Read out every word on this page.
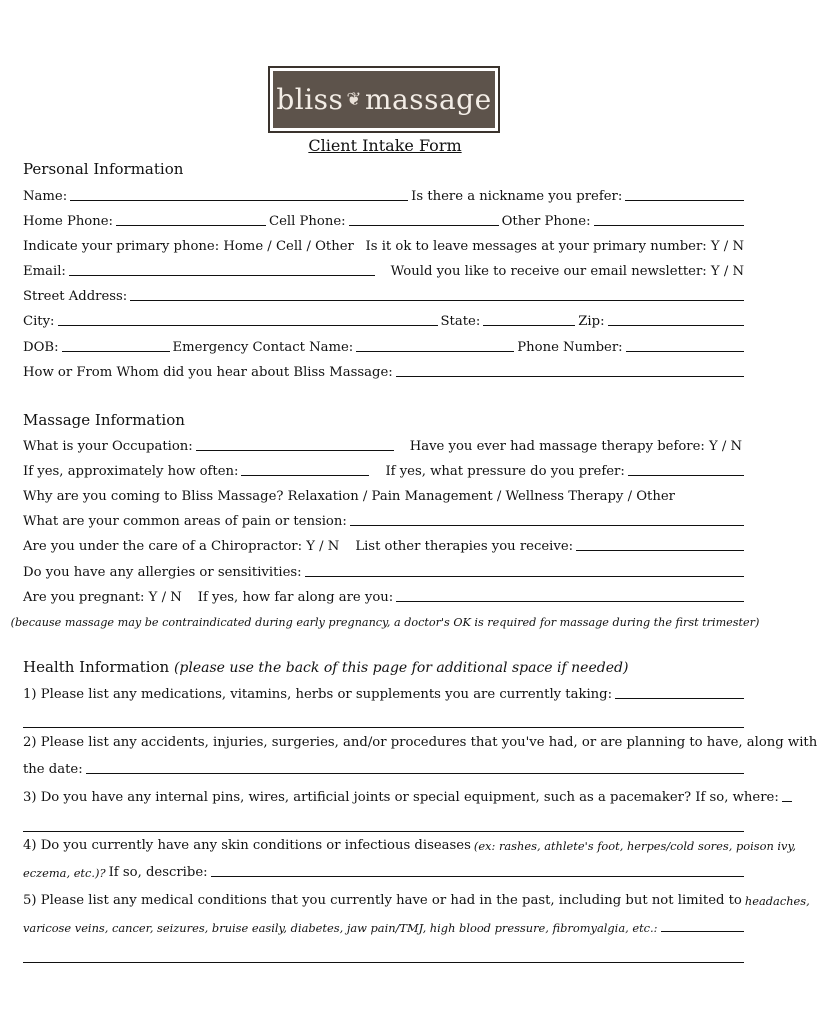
bliss ❦ massage
Client Intake Form
Personal Information
Name:	Is there a nickname you prefer:
Home Phone:	Cell Phone:	Other Phone:
Indicate your primary phone: Home / Cell / Other Is it ok to leave messages at your primary number: Y / N
Email:	Would you like to receive our email newsletter: Y / N
Street Address:
City:	State:	Zip:
DOB:	Emergency Contact Name:	Phone Number:
How or From Whom did you hear about Bliss Massage:
Massage Information
What is your Occupation:	Have you ever had massage therapy before: Y / N
If yes, approximately how often:	If yes, what pressure do you prefer:
Why are you coming to Bliss Massage? Relaxation / Pain Management / Wellness Therapy / Other
What are your common areas of pain or tension:
Are you under the care of a Chiropractor: Y / N List other therapies you receive:
Do you have any allergies or sensitivities:
Are you pregnant: Y / N If yes, how far along are you:
(because massage may be contraindicated during early pregnancy, a doctor's OK is required for massage during the first trimester)
Health Information (please use the back of this page for additional space if needed)
1) Please list any medications, vitamins, herbs or supplements you are currently taking:
2) Please list any accidents, injuries, surgeries, and/or procedures that you've had, or are planning to have, along with
the date:
3) Do you have any internal pins, wires, artificial joints or special equipment, such as a pacemaker? If so, where:
4) Do you currently have any skin conditions or infectious diseases (ex: rashes, athlete's foot, herpes/cold sores, poison ivy,
eczema, etc.)? If so, describe:
5) Please list any medical conditions that you currently have or had in the past, including but not limited to headaches,
varicose veins, cancer, seizures, bruise easily, diabetes, jaw pain/TMJ, high blood pressure, fibromyalgia, etc.:
